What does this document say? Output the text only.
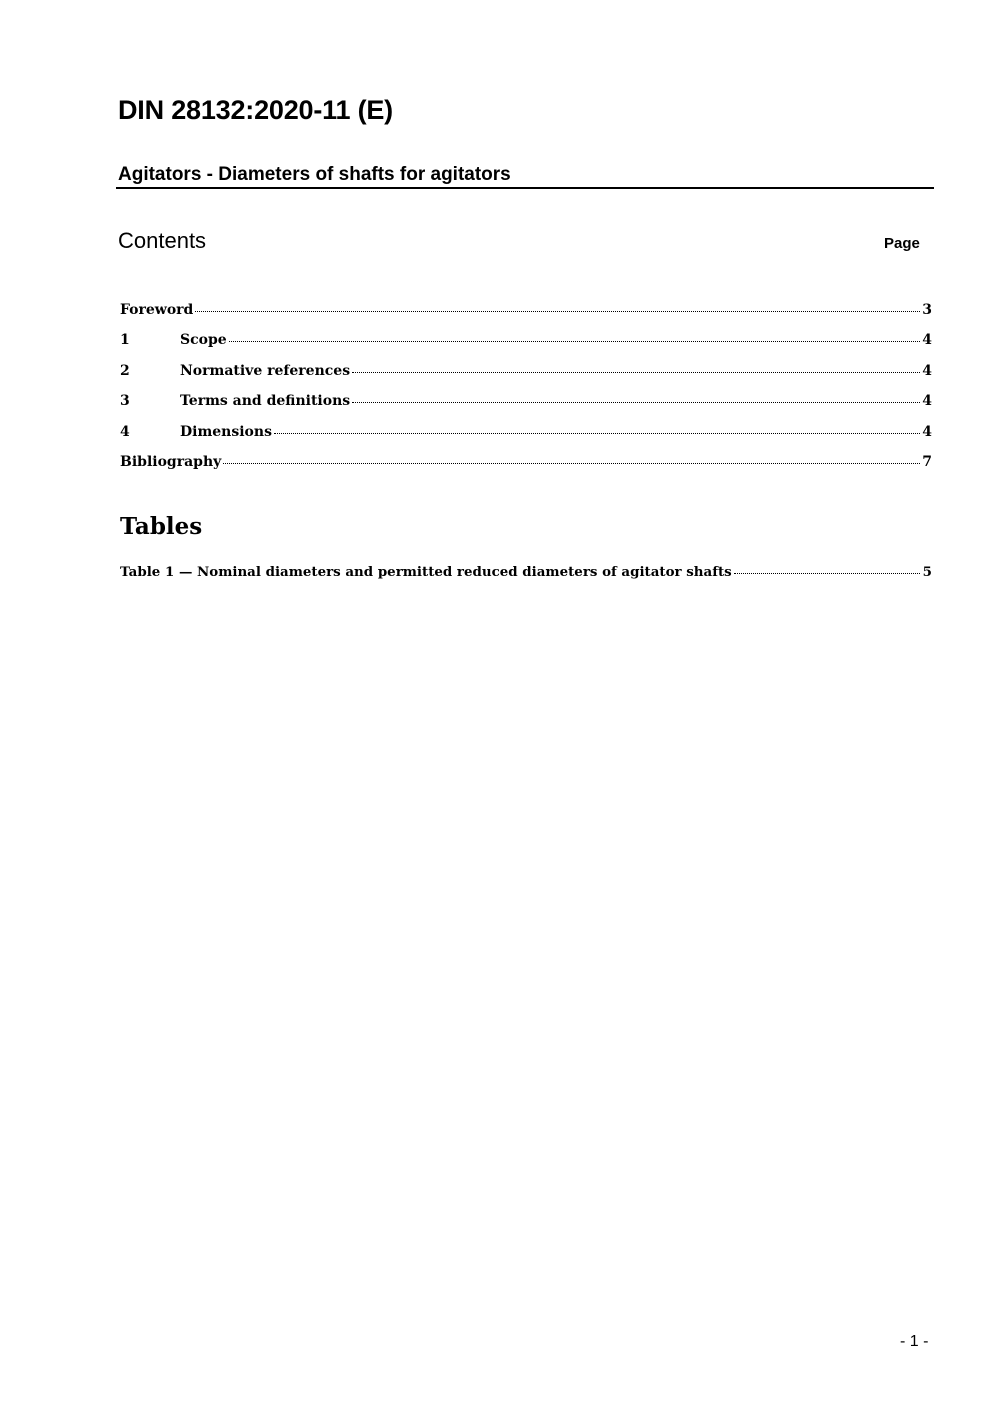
DIN 28132:2020-11 (E)
Agitators - Diameters of shafts for agitators
Contents	Page
Foreword	3
1	Scope	4
2	Normative references	4
3	Terms and definitions	4
4	Dimensions	4
Bibliography	7
Tables
Table 1 — Nominal diameters and permitted reduced diameters of agitator shafts	5
- 1 -
